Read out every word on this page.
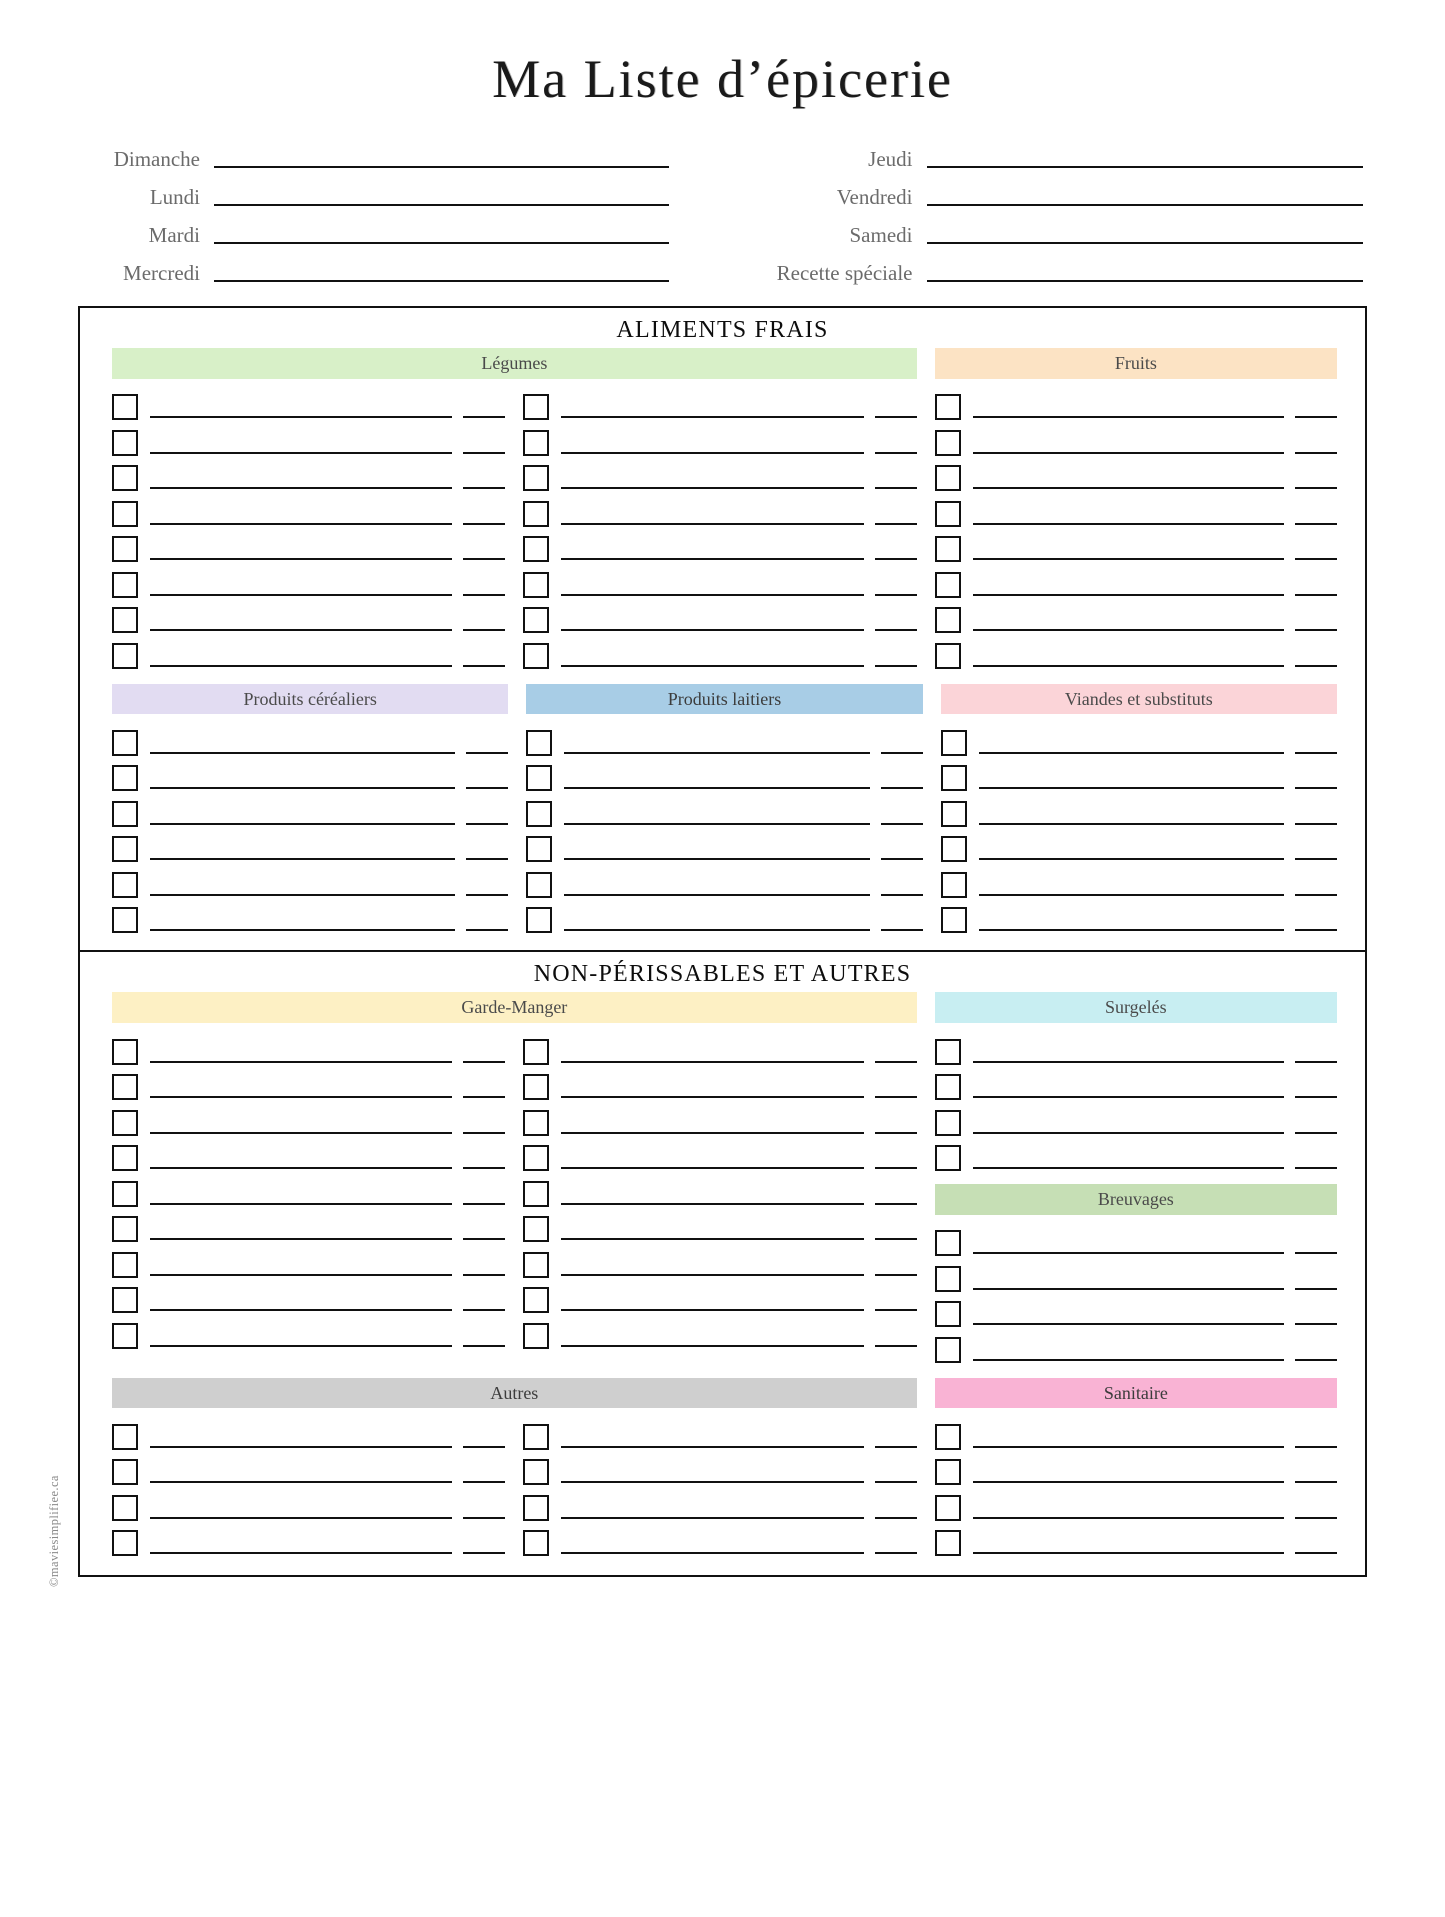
Ma Liste d’épicerie
Dimanche
Lundi
Mardi
Mercredi
Jeudi
Vendredi
Samedi
Recette spéciale
ALIMENTS FRAIS
Légumes	Fruits
Produits céréaliers	Produits laitiers	Viandes et substituts
NON-PÉRISSABLES ET AUTRES
Garde-Manger	Surgelés
Breuvages
Autres	Sanitaire
©maviesimplifiee.ca
